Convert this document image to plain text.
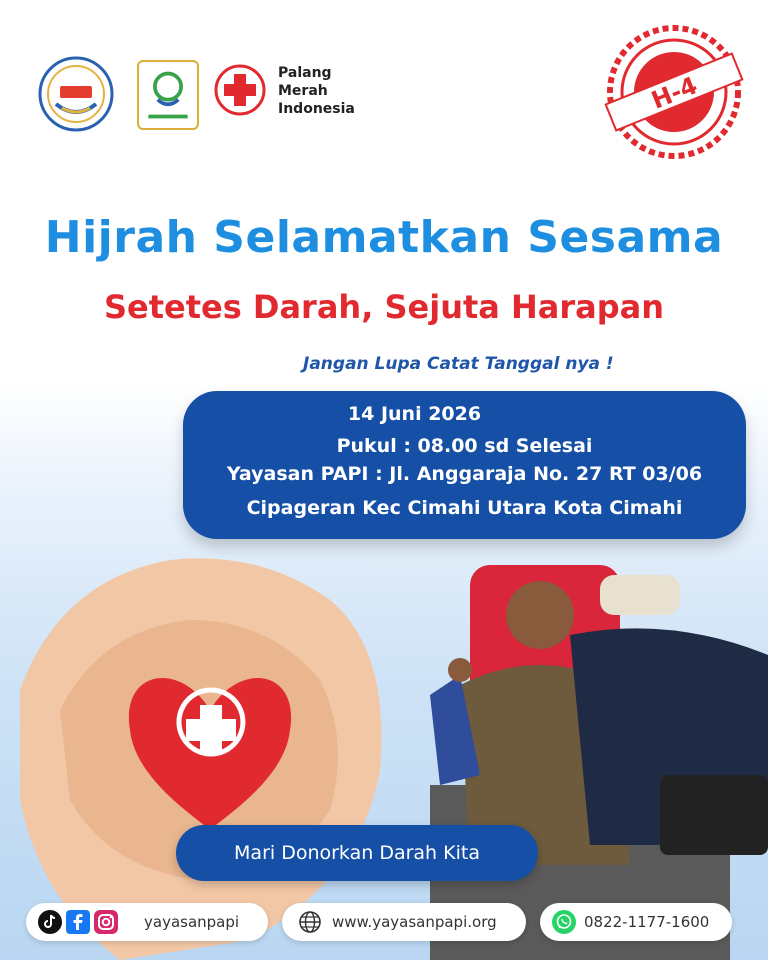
Palang
Merah
Indonesia	H-4
Hijrah Selamatkan Sesama
Setetes Darah, Sejuta Harapan
Jangan Lupa Catat Tanggal nya !
14 Juni 2026
Pukul : 08.00 sd Selesai
Yayasan PAPI : Jl. Anggaraja No. 27 RT 03/06
Cipageran Kec Cimahi Utara Kota Cimahi
Mari Donorkan Darah Kita
yayasanpapi	www.yayasanpapi.org	0822-1177-1600
